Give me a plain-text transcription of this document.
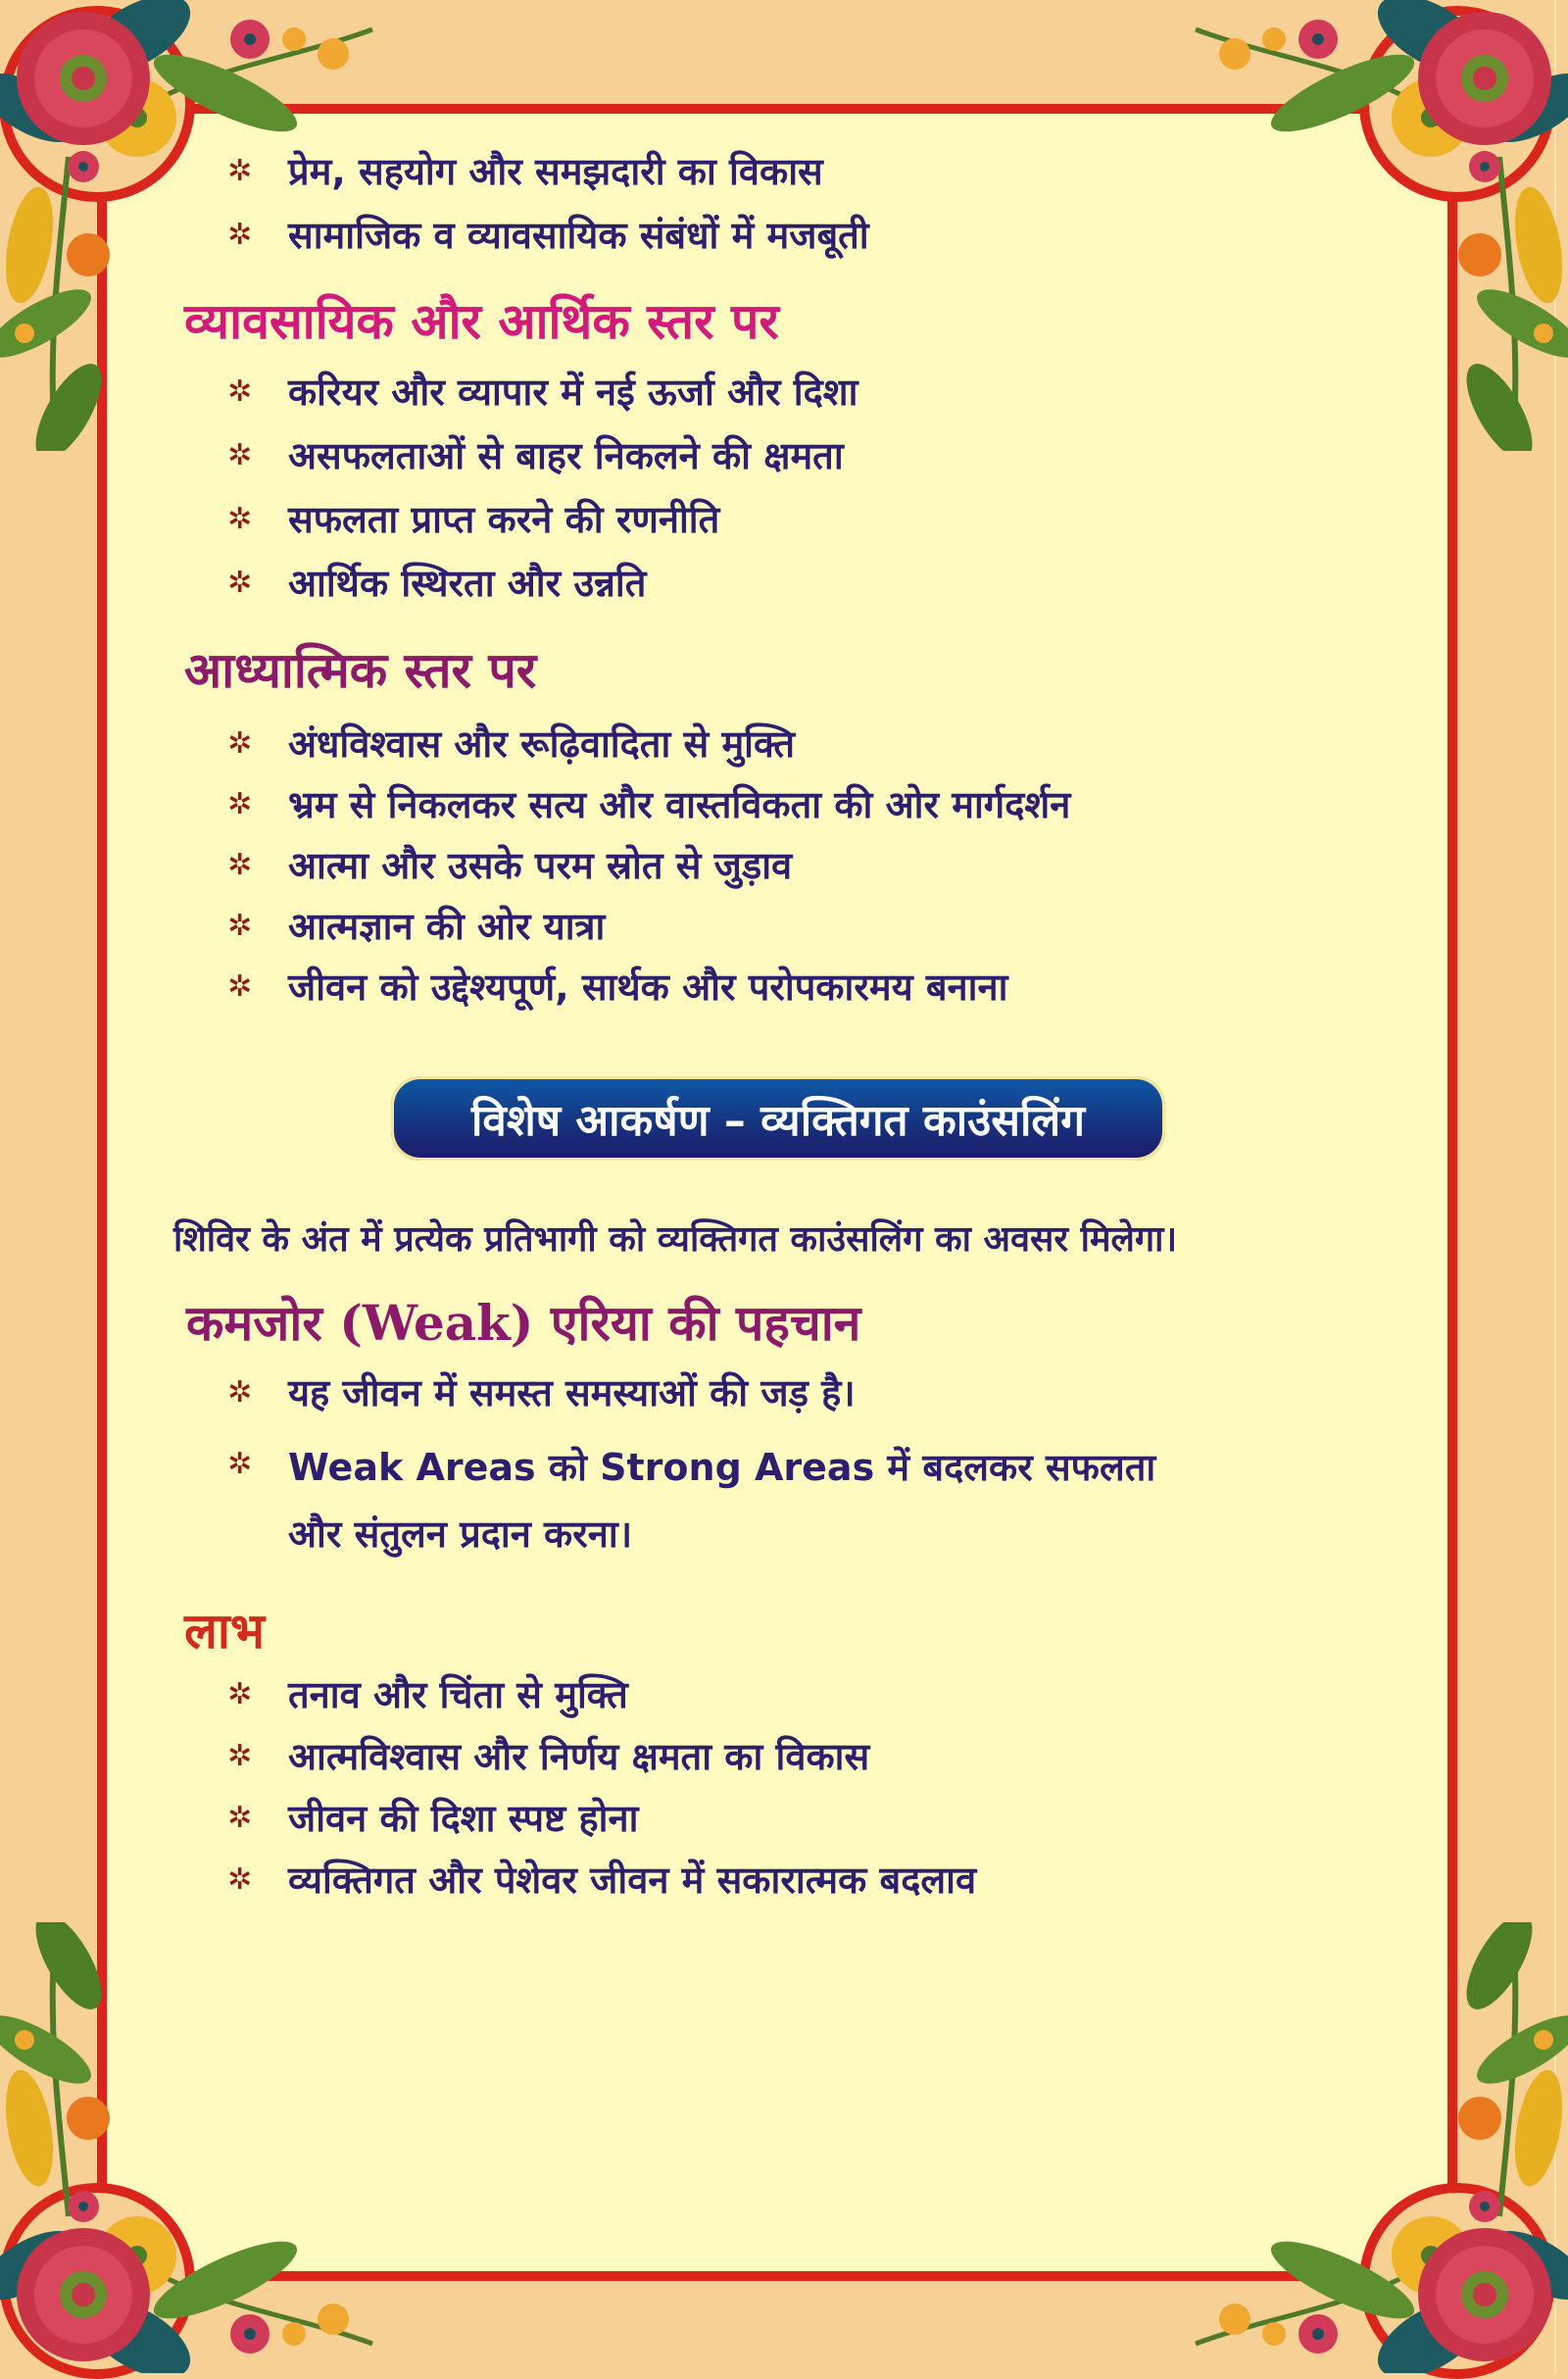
✲ प्रेम, सहयोग और समझदारी का विकास
✲ सामाजिक व व्यावसायिक संबंधों में मजबूती
व्यावसायिक और आर्थिक स्तर पर
✲ करियर और व्यापार में नई ऊर्जा और दिशा
✲ असफलताओं से बाहर निकलने की क्षमता
✲ सफलता प्राप्त करने की रणनीति
✲ आर्थिक स्थिरता और उन्नति
आध्यात्मिक स्तर पर
✲ अंधविश्वास और रूढ़िवादिता से मुक्ति
✲ भ्रम से निकलकर सत्य और वास्तविकता की ओर मार्गदर्शन
✲ आत्मा और उसके परम स्रोत से जुड़ाव
✲ आत्मज्ञान की ओर यात्रा
✲ जीवन को उद्देश्यपूर्ण, सार्थक और परोपकारमय बनाना
विशेष आकर्षण – व्यक्तिगत काउंसलिंग
शिविर के अंत में प्रत्येक प्रतिभागी को व्यक्तिगत काउंसलिंग का अवसर मिलेगा।
कमजोर (Weak) एरिया की पहचान
✲ यह जीवन में समस्त समस्याओं की जड़ है।
✲ Weak Areas को Strong Areas में बदलकर सफलता
और संतुलन प्रदान करना।
लाभ
✲ तनाव और चिंता से मुक्ति
✲ आत्मविश्वास और निर्णय क्षमता का विकास
✲ जीवन की दिशा स्पष्ट होना
✲ व्यक्तिगत और पेशेवर जीवन में सकारात्मक बदलाव
